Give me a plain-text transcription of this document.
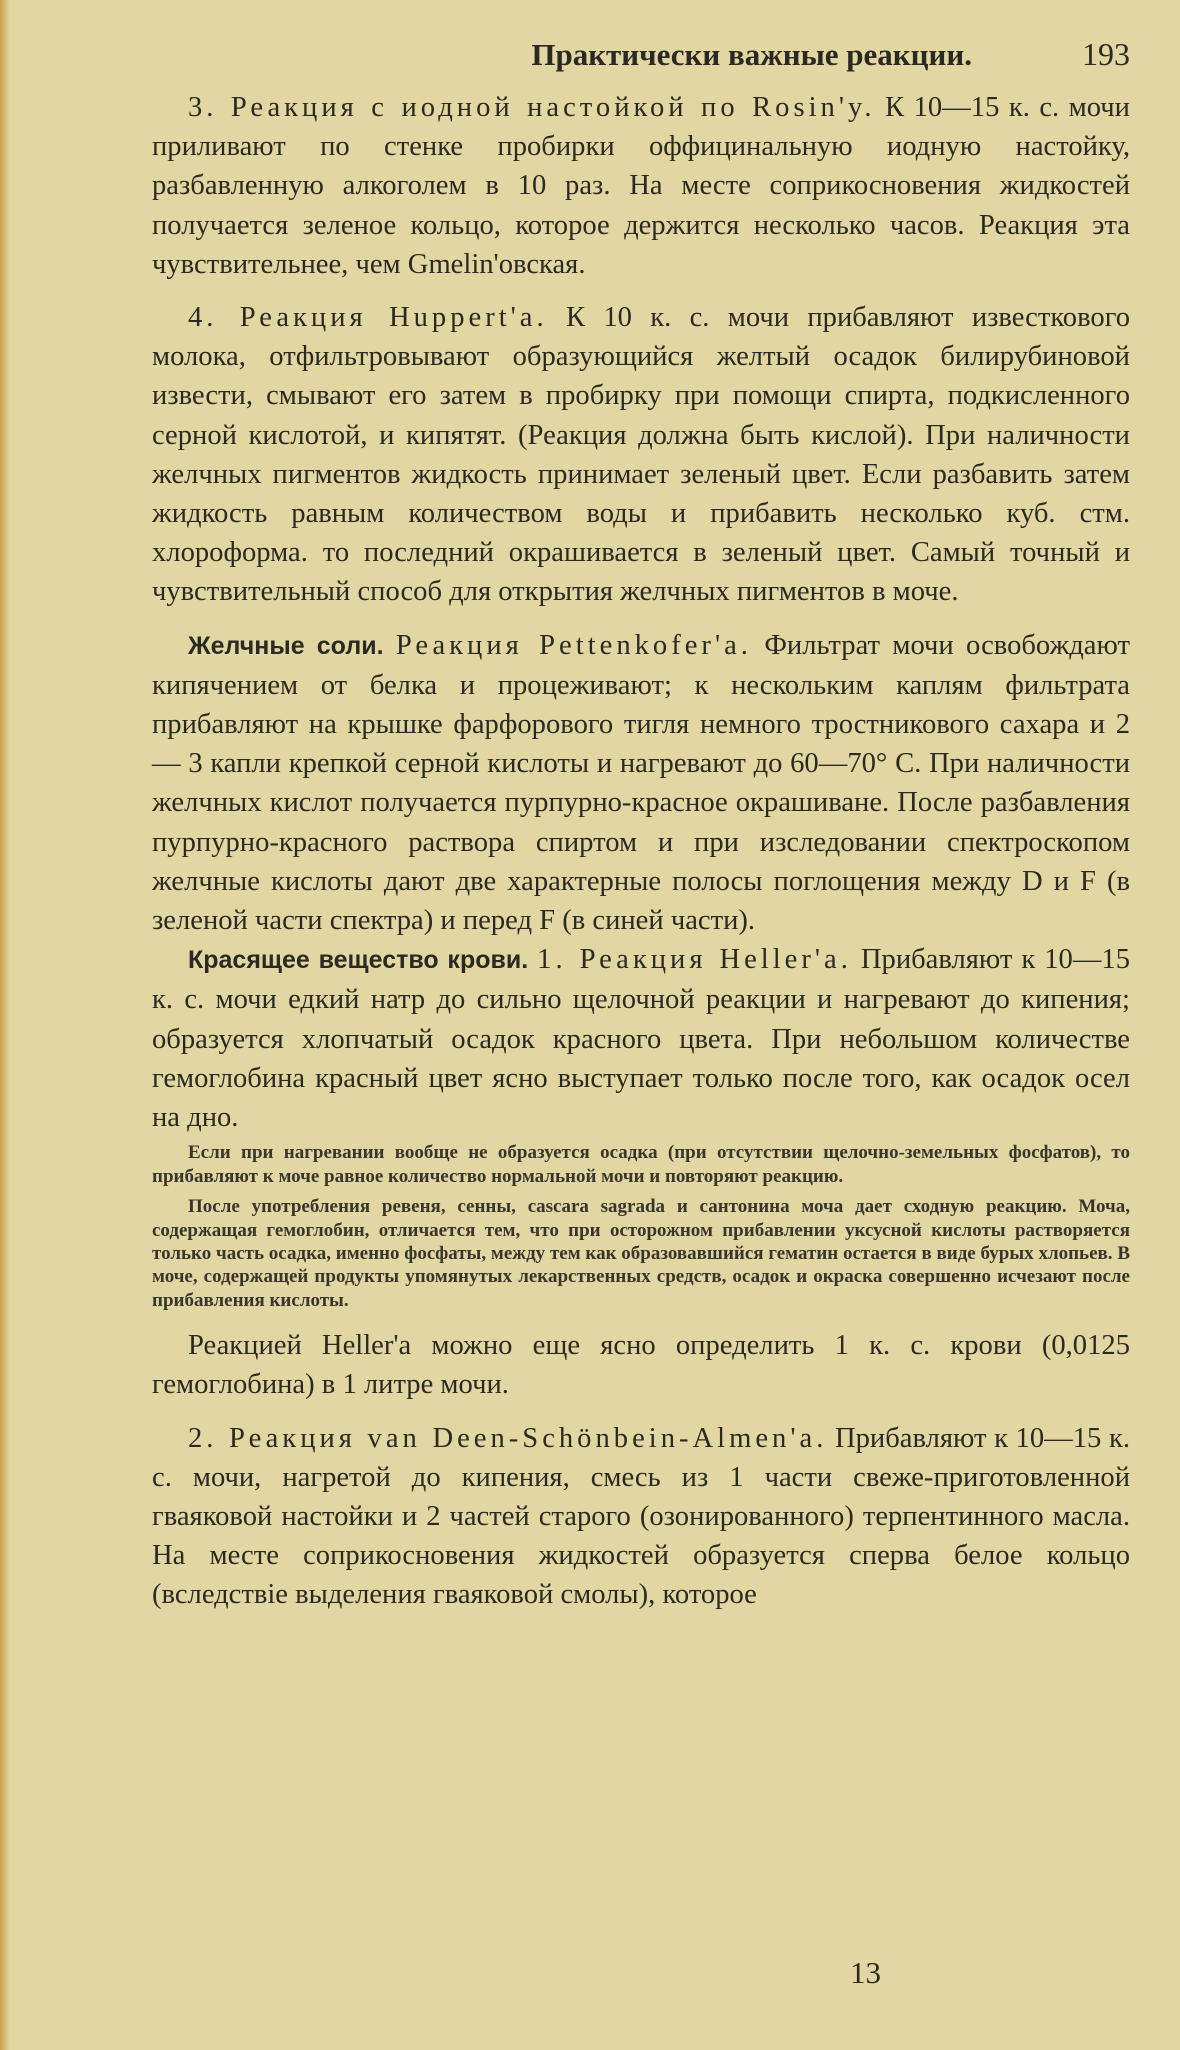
Практически важные реакции.	193

3. Реакция с иодной настойкой по Rosin'y. К 10—15 к. с. мочи приливают по стенке пробирки оффицинальную иодную настойку, разбавленную алкоголем в 10 раз. На месте соприкосновения жидкостей получается зеленое кольцо, которое держится несколько часов. Реакция эта чувствительнее, чем Gmelin'овская.

4. Реакция Huppert'a. К 10 к. с. мочи прибавляют известкового молока, отфильтровывают образующийся желтый осадок билирубиновой извести, смывают его затем в пробирку при помощи спирта, подкисленного серной кислотой, и кипятят. (Реакция должна быть кислой). При наличности желчных пигментов жидкость принимает зеленый цвет. Если разбавить затем жидкость равным количеством воды и прибавить несколько куб. стм. хлороформа. то последний окрашивается в зеленый цвет. Самый точный и чувствительный способ для открытия желчных пигментов в моче.

Желчные соли. Реакция Pettenkofer'a. Фильтрат мочи освобождают кипячением от белка и процеживают; к нескольким каплям фильтрата прибавляют на крышке фарфорового тигля немного тростникового сахара и 2 — 3 капли крепкой серной кислоты и нагревают до 60—70° С. При наличности желчных кислот получается пурпурно-красное окрашиване. После разбавления пурпурно-красного раствора спиртом и при изследовании спектроскопом желчные кислоты дают две характерные полосы поглощения между D и F (в зеленой части спектра) и перед F (в синей части).

Красящее вещество крови. 1. Реакция Heller'a. Прибавляют к 10—15 к. с. мочи едкий натр до сильно щелочной реакции и нагревают до кипения; образуется хлопчатый осадок красного цвета. При небольшом количестве гемоглобина красный цвет ясно выступает только после того, как осадок осел на дно.

Если при нагревании вообще не образуется осадка (при отсутствии щелочно-земельных фосфатов), то прибавляют к моче равное количество нормальной мочи и повторяют реакцию.

После употребления ревеня, сенны, cascara sagrada и сантонина моча дает сходную реакцию. Моча, содержащая гемоглобин, отличается тем, что при осторожном прибавлении уксусной кислоты растворяется только часть осадка, именно фосфаты, между тем как образовавшийся гематин остается в виде бурых хлопьев. В моче, содержащей продукты упомянутых лекарственных средств, осадок и окраска совершенно исчезают после прибавления кислоты.

Реакцией Heller'a можно еще ясно определить 1 к. с. крови (0,0125 гемоглобина) в 1 литре мочи.

2. Реакция van Deen-Schönbein-Almen'a. Прибавляют к 10—15 к. с. мочи, нагретой до кипения, смесь из 1 части свеже-приготовленной гваяковой настойки и 2 частей старого (озонированного) терпентинного масла. На месте соприкосновения жидкостей образуется сперва белое кольцо (вследствіе выделения гваяковой смолы), которое

13
